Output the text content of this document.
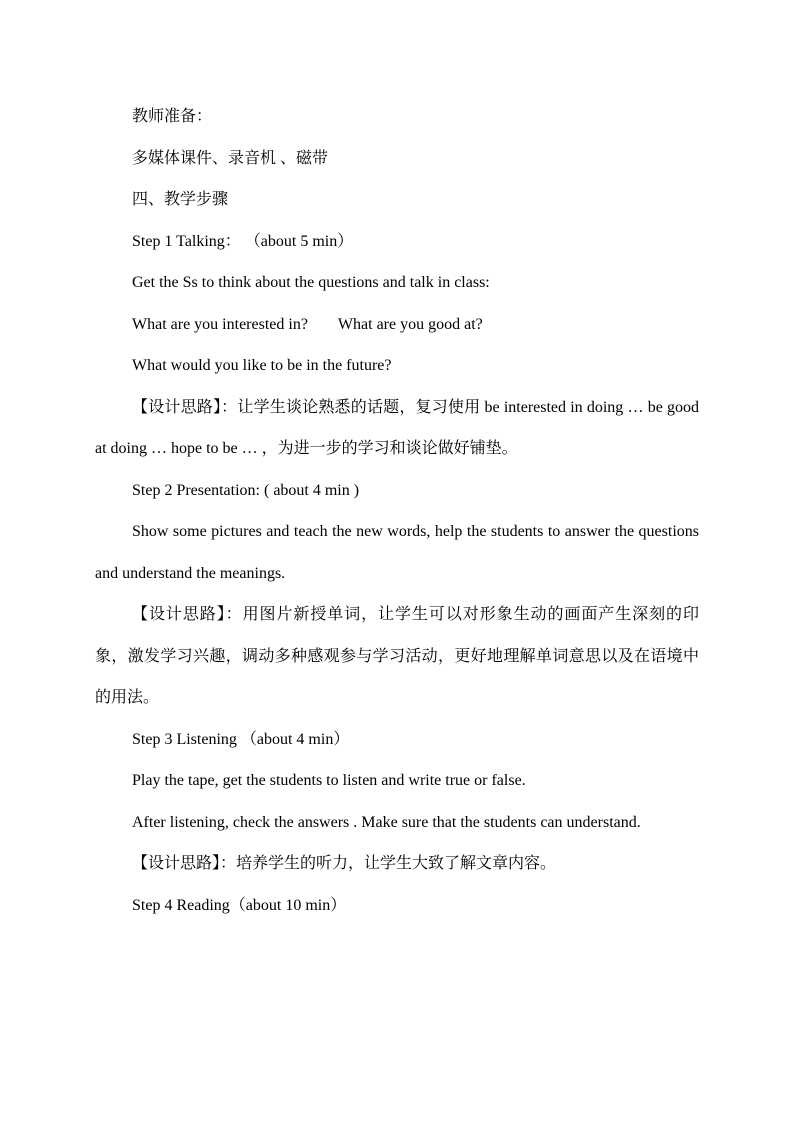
教师准备：

多媒体课件、录音机 、磁带

四、教学步骤

Step 1 Talking： （about 5 min）

Get the Ss to think about the questions and talk in class:

What are you interested in? What are you good at?

What would you like to be in the future?

【设计思路】：让学生谈论熟悉的话题，复习使用 be interested in doing … be good at doing … hope to be … ，为进一步的学习和谈论做好铺垫。

Step 2 Presentation: ( about 4 min )

Show some pictures and teach the new words, help the students to answer the questions and understand the meanings.

【设计思路】：用图片新授单词，让学生可以对形象生动的画面产生深刻的印象，激发学习兴趣，调动多种感观参与学习活动，更好地理解单词意思以及在语境中的用法。

Step 3 Listening （about 4 min）

Play the tape, get the students to listen and write true or false.

After listening, check the answers . Make sure that the students can understand.

【设计思路】：培养学生的听力，让学生大致了解文章内容。

Step 4 Reading（about 10 min）
